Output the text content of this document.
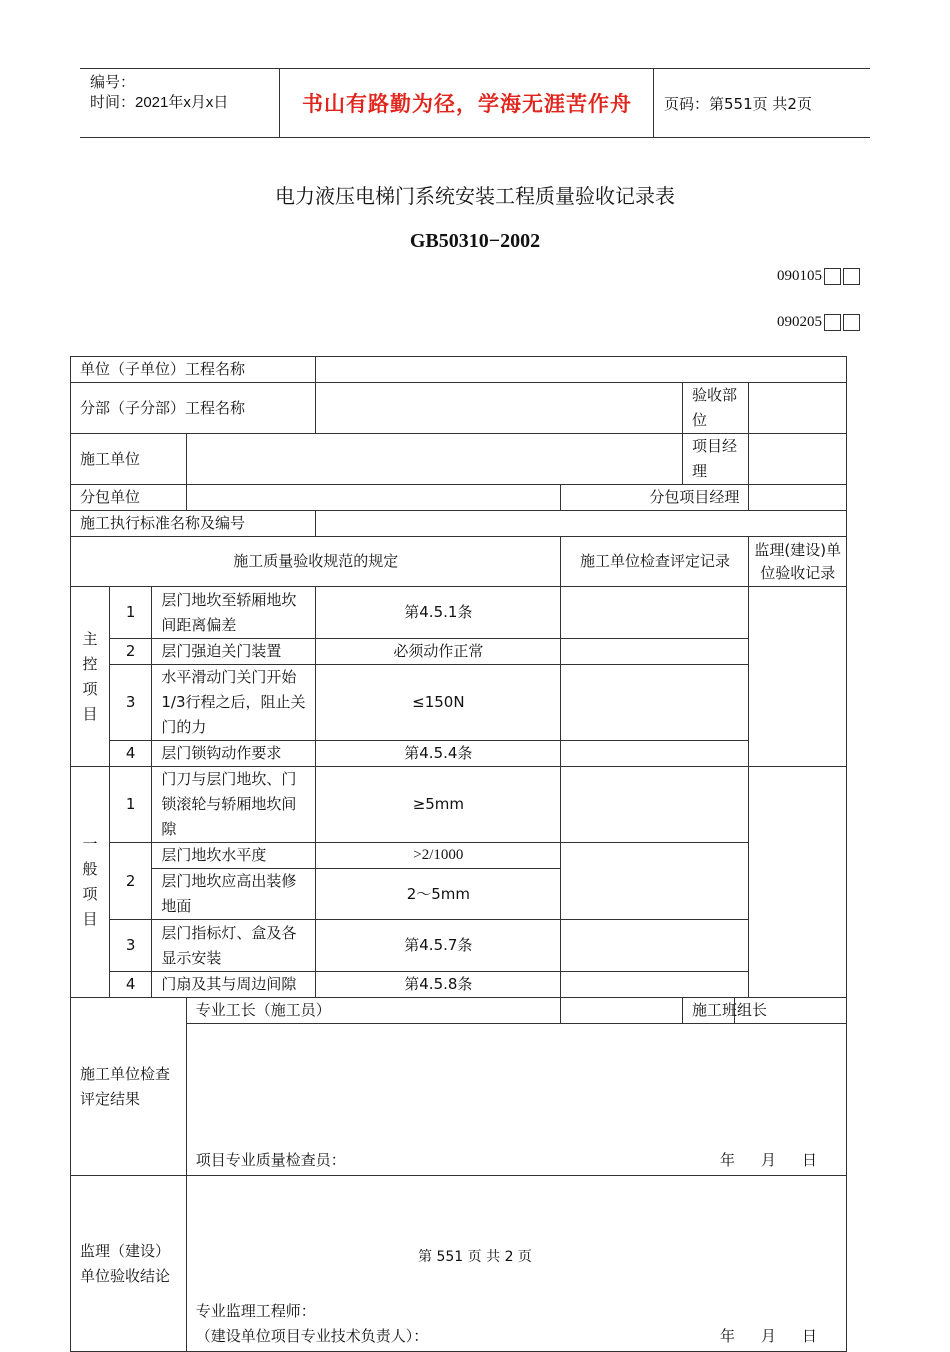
编号：
时间：2021年x月x日	书山有路勤为径，学海无涯苦作舟	页码：第551页 共2页
电力液压电梯门系统安装工程质量验收记录表
GB50310−2002
090105
090205
单位（子单位）工程名称								
分部（子分部）工程名称						验收部位		
施工单位						项目经理		
分包单位					分包项目经理			
施工执行标准名称及编号								
施工质量验收规范的规定					施工单位检查评定记录			监理(建设)单位验收记录

主
控
项
目	1	层门地坎至轿厢地坎间距离偏差		第4.5.1条				
	2	层门强迫关门装置		必须动作正常				
	3	水平滑动门关门开始1/3行程之后，阻止关门的力		≤150N				
	4	层门锁钩动作要求		第4.5.4条				

一
般
项
目	1	门刀与层门地坎、门锁滚轮与轿厢地坎间隙		≥5mm				
	2	层门地坎水平度		>2/1000				
		层门地坎应高出装修地面		2～5mm				
	3	层门指标灯、盒及各显示安装		第4.5.7条				
	4	门扇及其与周边间隙		第4.5.8条				
施工单位检查评定结果			专业工长（施工员）			施工班组长		

			项目专业质量检查员： 年 月 日					

监理（建设）单位验收结论			专业监理工程师：
（建设单位项目专业技术负责人）： 年 月 日					
第 551 页 共 2 页
